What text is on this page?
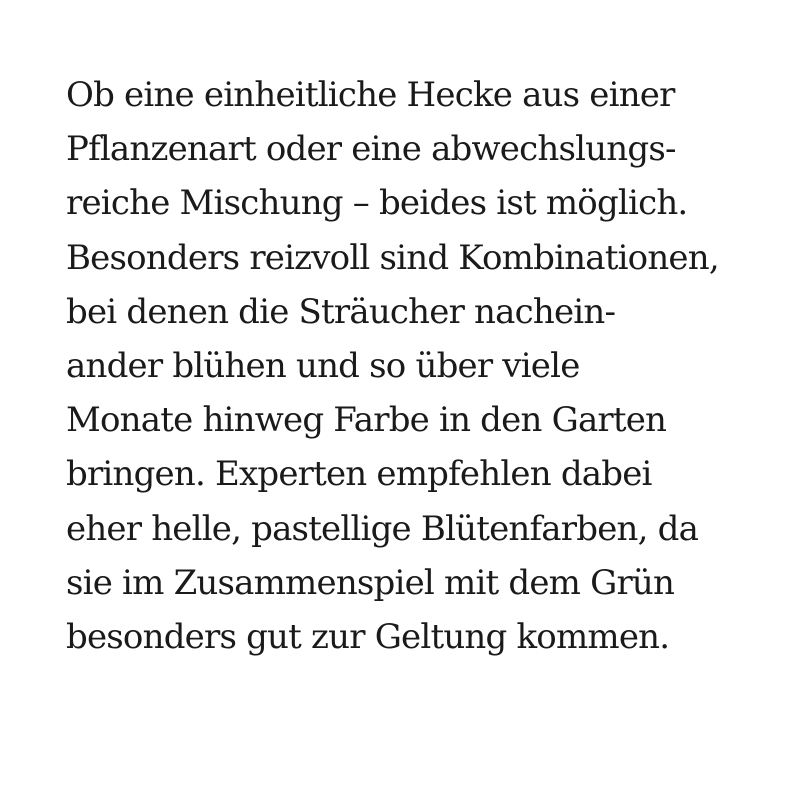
Ob eine einheitliche Hecke aus einer
Pflanzenart oder eine abwechslungs-
reiche Mischung – beides ist möglich.
Besonders reizvoll sind Kombinationen,
bei denen die Sträucher nachein-
ander blühen und so über viele
Monate hinweg Farbe in den Garten
bringen. Experten empfehlen dabei
eher helle, pastellige Blütenfarben, da
sie im Zusammenspiel mit dem Grün
besonders gut zur Geltung kommen.
